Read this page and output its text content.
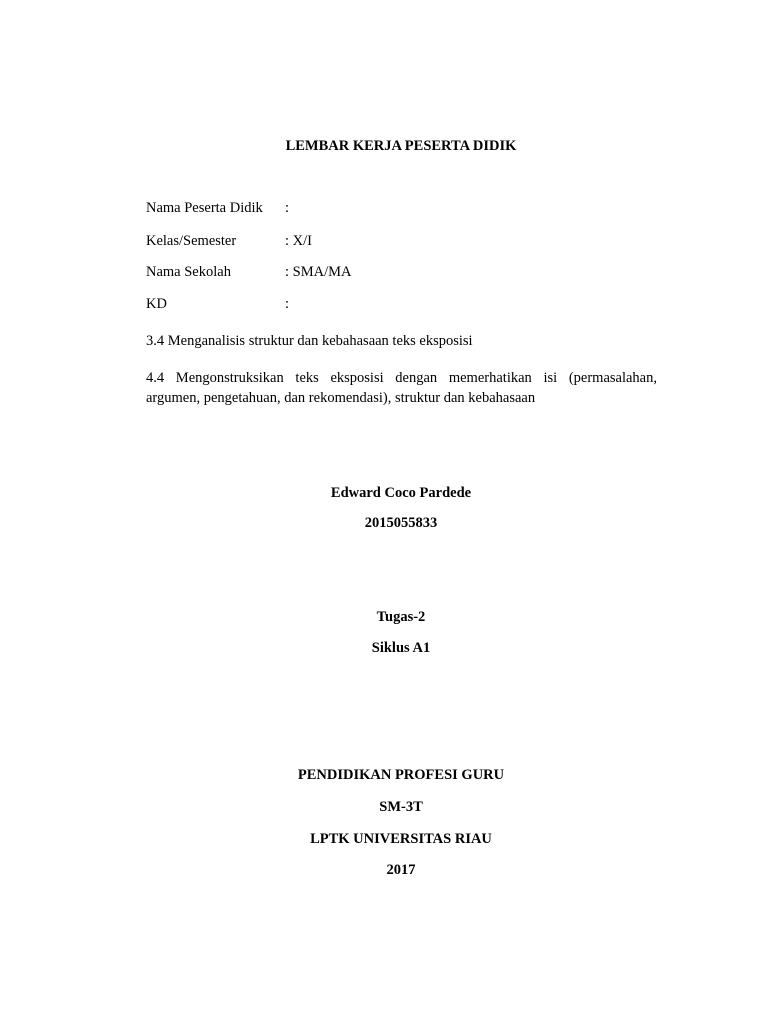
LEMBAR KERJA PESERTA DIDIK
Nama Peserta Didik :
Kelas/Semester	: X/I
Nama Sekolah	: SMA/MA
KD	:
3.4 Menganalisis struktur dan kebahasaan teks eksposisi
4.4 Mengonstruksikan teks eksposisi dengan memerhatikan isi (permasalahan, argumen, pengetahuan, dan rekomendasi), struktur dan kebahasaan
Edward Coco Pardede
2015055833
Tugas-2
Siklus A1
PENDIDIKAN PROFESI GURU
SM-3T
LPTK UNIVERSITAS RIAU
2017
